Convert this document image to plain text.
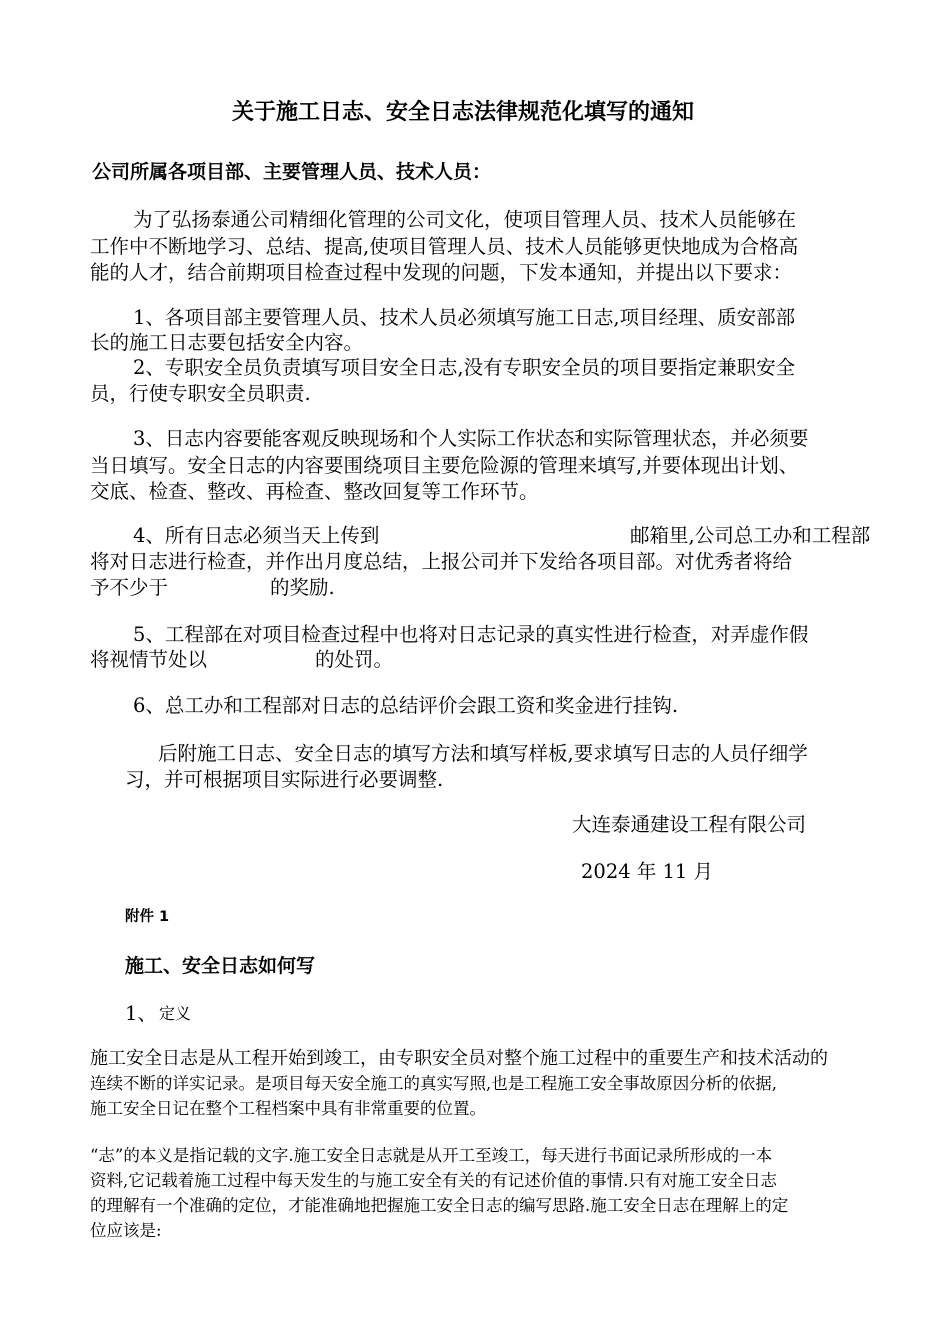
关于施工日志、安全日志法律规范化填写的通知
公司所属各项目部、主要管理人员、技术人员：
为了弘扬泰通公司精细化管理的公司文化，使项目管理人员、技术人员能够在
工作中不断地学习、总结、提高,使项目管理人员、技术人员能够更快地成为合格高
能的人才，结合前期项目检查过程中发现的问题，下发本通知，并提出以下要求：
1、各项目部主要管理人员、技术人员必须填写施工日志,项目经理、质安部部
长的施工日志要包括安全内容。
2、专职安全员负责填写项目安全日志,没有专职安全员的项目要指定兼职安全
员，行使专职安全员职责.
3、日志内容要能客观反映现场和个人实际工作状态和实际管理状态，并必须要
当日填写。安全日志的内容要围绕项目主要危险源的管理来填写,并要体现出计划、
交底、检查、整改、再检查、整改回复等工作环节。
4、所有日志必须当天上传到	邮箱里,公司总工办和工程部
将对日志进行检查，并作出月度总结，上报公司并下发给各项目部。对优秀者将给
予不少于	的奖励.
5、工程部在对项目检查过程中也将对日志记录的真实性进行检查，对弄虚作假
将视情节处以	的处罚。
6、总工办和工程部对日志的总结评价会跟工资和奖金进行挂钩.
后附施工日志、安全日志的填写方法和填写样板,要求填写日志的人员仔细学
习，并可根据项目实际进行必要调整.
大连泰通建设工程有限公司
2024 年 11 月
附件 1
施工、安全日志如何写
1、 定义
施工安全日志是从工程开始到竣工，由专职安全员对整个施工过程中的重要生产和技术活动的
连续不断的详实记录。是项目每天安全施工的真实写照,也是工程施工安全事故原因分析的依据,
施工安全日记在整个工程档案中具有非常重要的位置。
“志”的本义是指记载的文字.施工安全日志就是从开工至竣工，每天进行书面记录所形成的一本
资料,它记载着施工过程中每天发生的与施工安全有关的有记述价值的事情.只有对施工安全日志
的理解有一个准确的定位，才能准确地把握施工安全日志的编写思路.施工安全日志在理解上的定
位应该是:
